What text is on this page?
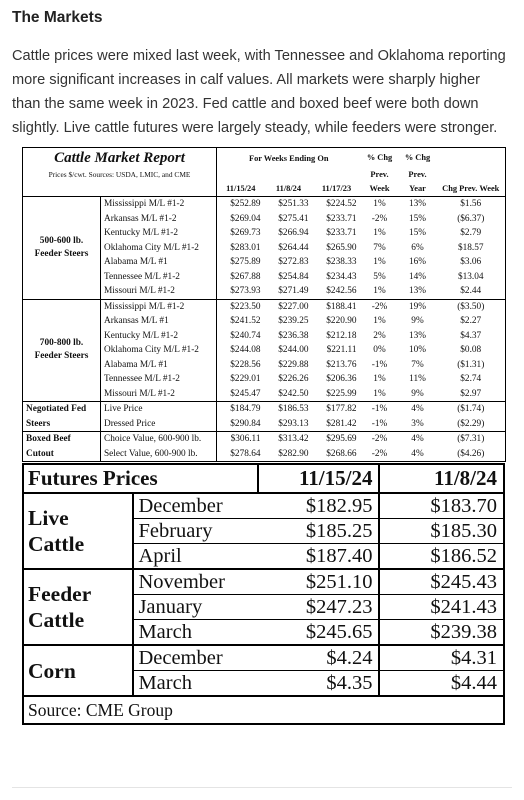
The Markets
Cattle prices were mixed last week, with Tennessee and Oklahoma reporting more significant increases in calf values. All markets were sharply higher than the same week in 2023. Fed cattle and boxed beef were both down slightly. Live cattle futures were largely steady, while feeders were stronger.
Cattle Market Report		For Weeks Ending On			% Chg	% Chg	
Prices $/cwt. Sources: USDA, LMIC, and CME					Prev.	Prev.	
		11/15/24	11/8/24	11/17/23	Week	Year	Chg Prev. Week
500-600 lb. Feeder Steers	Mississippi M/L #1-2	$252.89	$251.33	$224.52	1%	13%	$1.56
	Arkansas M/L #1-2	$269.04	$275.41	$233.71	-2%	15%	($6.37)
	Kentucky M/L #1-2	$269.73	$266.94	$233.71	1%	15%	$2.79
	Oklahoma City M/L #1-2	$283.01	$264.44	$265.90	7%	6%	$18.57
	Alabama M/L #1	$275.89	$272.83	$238.33	1%	16%	$3.06
	Tennessee M/L #1-2	$267.88	$254.84	$234.43	5%	14%	$13.04
	Missouri M/L #1-2	$273.93	$271.49	$242.56	1%	13%	$2.44
700-800 lb. Feeder Steers	Mississippi M/L #1-2	$223.50	$227.00	$188.41	-2%	19%	($3.50)
	Arkansas M/L #1	$241.52	$239.25	$220.90	1%	9%	$2.27
	Kentucky M/L #1-2	$240.74	$236.38	$212.18	2%	13%	$4.37
	Oklahoma City M/L #1-2	$244.08	$244.00	$221.11	0%	10%	$0.08
	Alabama M/L #1	$228.56	$229.88	$213.76	-1%	7%	($1.31)
	Tennessee M/L #1-2	$229.01	$226.26	$206.36	1%	11%	$2.74
	Missouri M/L #1-2	$245.47	$242.50	$225.99	1%	9%	$2.97
Negotiated Fed	Live Price	$184.79	$186.53	$177.82	-1%	4%	($1.74)
Steers	Dressed Price	$290.84	$293.13	$281.42	-1%	3%	($2.29)
Boxed Beef	Choice Value, 600-900 lb.	$306.11	$313.42	$295.69	-2%	4%	($7.31)
Cutout	Select Value, 600-900 lb.	$278.64	$282.90	$268.66	-2%	4%	($4.26)
Futures Prices		11/15/24	11/8/24
Live Cattle	December	$182.95	$183.70
	February	$185.25	$185.30
	April	$187.40	$186.52
Feeder Cattle	November	$251.10	$245.43
	January	$247.23	$241.43
	March	$245.65	$239.38
Corn	December	$4.24	$4.31
	March	$4.35	$4.44
Source: CME Group			
